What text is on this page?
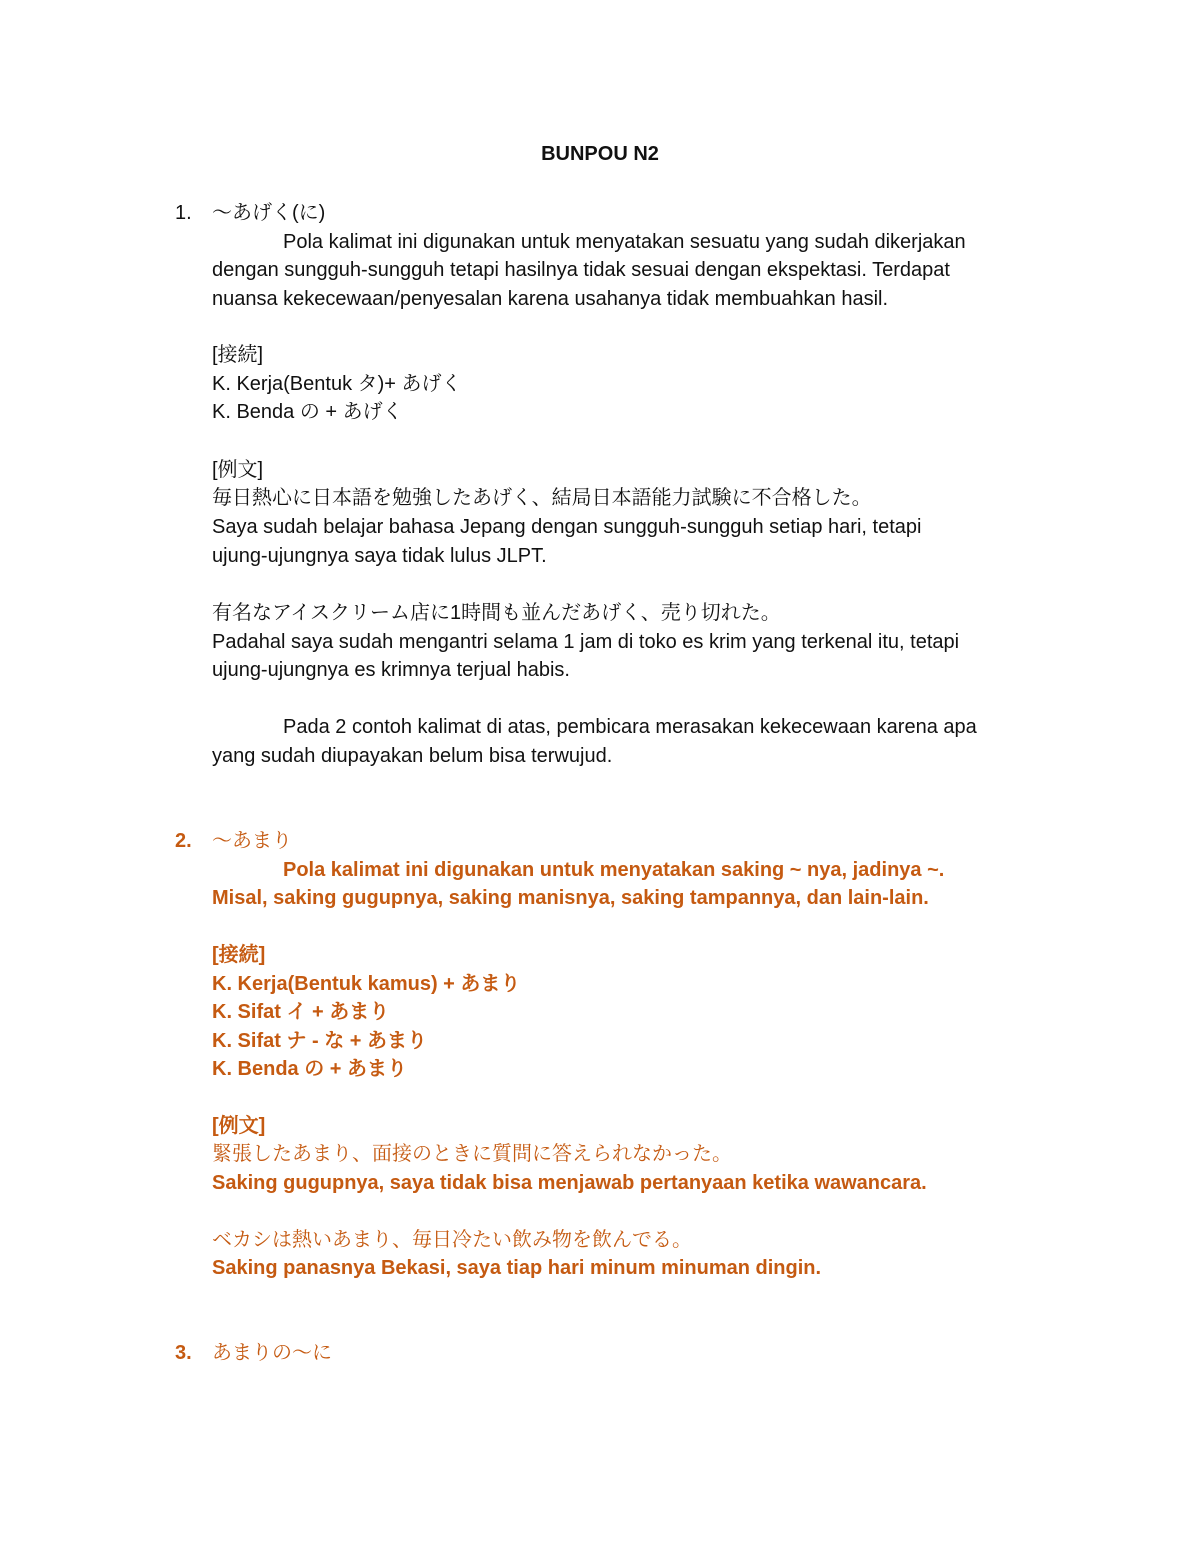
BUNPOU N2
1. ～あげく(に)
Pola kalimat ini digunakan untuk menyatakan sesuatu yang sudah dikerjakan
dengan sungguh-sungguh tetapi hasilnya tidak sesuai dengan ekspektasi. Terdapat
nuansa kekecewaan/penyesalan karena usahanya tidak membuahkan hasil.
[接続]
K. Kerja(Bentuk タ)+ あげく
K. Benda の + あげく
[例文]
毎日熱心に日本語を勉強したあげく、結局日本語能力試験に不合格した。
Saya sudah belajar bahasa Jepang dengan sungguh-sungguh setiap hari, tetapi
ujung-ujungnya saya tidak lulus JLPT.
有名なアイスクリーム店に1時間も並んだあげく、売り切れた。
Padahal saya sudah mengantri selama 1 jam di toko es krim yang terkenal itu, tetapi
ujung-ujungnya es krimnya terjual habis.
Pada 2 contoh kalimat di atas, pembicara merasakan kekecewaan karena apa
yang sudah diupayakan belum bisa terwujud.
2. ～あまり
Pola kalimat ini digunakan untuk menyatakan saking ~ nya, jadinya ~.
Misal, saking gugupnya, saking manisnya, saking tampannya, dan lain-lain.
[接続]
K. Kerja(Bentuk kamus) + あまり
K. Sifat イ + あまり
K. Sifat ナ - な + あまり
K. Benda の + あまり
[例文]
緊張したあまり、面接のときに質問に答えられなかった。
Saking gugupnya, saya tidak bisa menjawab pertanyaan ketika wawancara.
ベカシは熱いあまり、毎日冷たい飲み物を飲んでる。
Saking panasnya Bekasi, saya tiap hari minum minuman dingin.
3. あまりの～に
